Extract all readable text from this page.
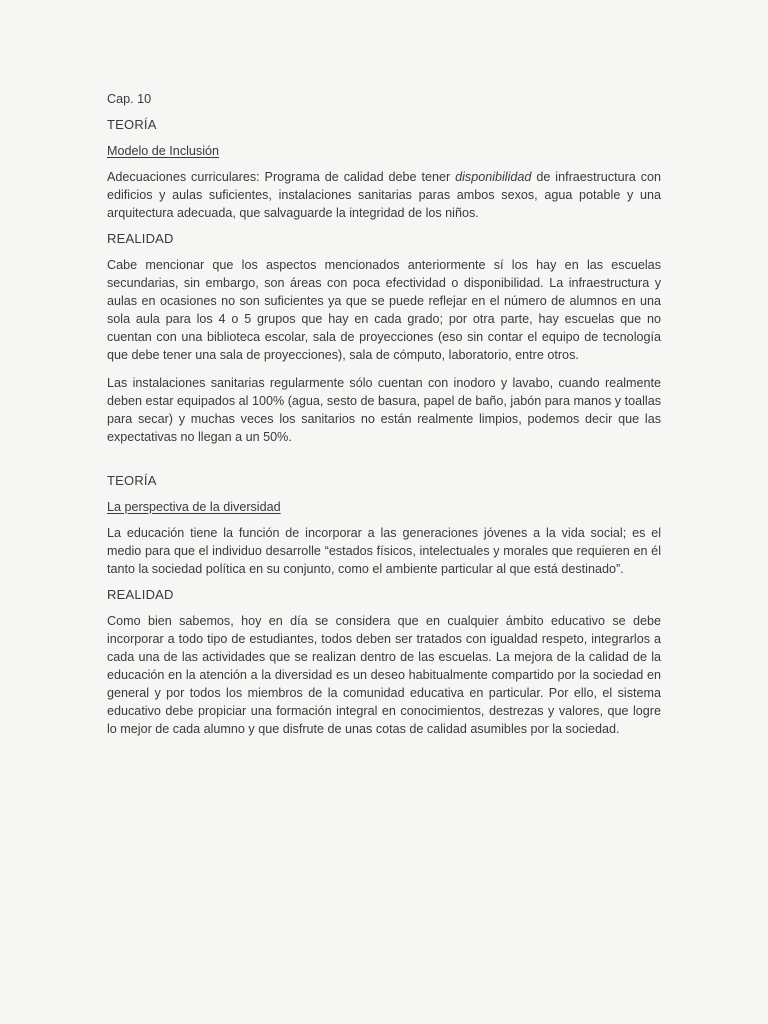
Cap. 10

TEORÍA

Modelo de Inclusión

Adecuaciones curriculares: Programa de calidad debe tener disponibilidad de infraestructura con edificios y aulas suficientes, instalaciones sanitarias paras ambos sexos, agua potable y una arquitectura adecuada, que salvaguarde la integridad de los niños.

REALIDAD

Cabe mencionar que los aspectos mencionados anteriormente sí los hay en las escuelas secundarias, sin embargo, son áreas con poca efectividad o disponibilidad. La infraestructura y aulas en ocasiones no son suficientes ya que se puede reflejar en el número de alumnos en una sola aula para los 4 o 5 grupos que hay en cada grado; por otra parte, hay escuelas que no cuentan con una biblioteca escolar, sala de proyecciones (eso sin contar el equipo de tecnología que debe tener una sala de proyecciones), sala de cómputo, laboratorio, entre otros.

Las instalaciones sanitarias regularmente sólo cuentan con inodoro y lavabo, cuando realmente deben estar equipados al 100% (agua, sesto de basura, papel de baño, jabón para manos y toallas para secar) y muchas veces los sanitarios no están realmente limpios, podemos decir que las expectativas no llegan a un 50%.

TEORÍA

La perspectiva de la diversidad

La educación tiene la función de incorporar a las generaciones jóvenes a la vida social; es el medio para que el individuo desarrolle “estados físicos, intelectuales y morales que requieren en él tanto la sociedad política en su conjunto, como el ambiente particular al que está destinado”.

REALIDAD

Como bien sabemos, hoy en día se considera que en cualquier ámbito educativo se debe incorporar a todo tipo de estudiantes, todos deben ser tratados con igualdad respeto, integrarlos a cada una de las actividades que se realizan dentro de las escuelas. La mejora de la calidad de la educación en la atención a la diversidad es un deseo habitualmente compartido por la sociedad en general y por todos los miembros de la comunidad educativa en particular. Por ello, el sistema educativo debe propiciar una formación integral en conocimientos, destrezas y valores, que logre lo mejor de cada alumno y que disfrute de unas cotas de calidad asumibles por la sociedad.
